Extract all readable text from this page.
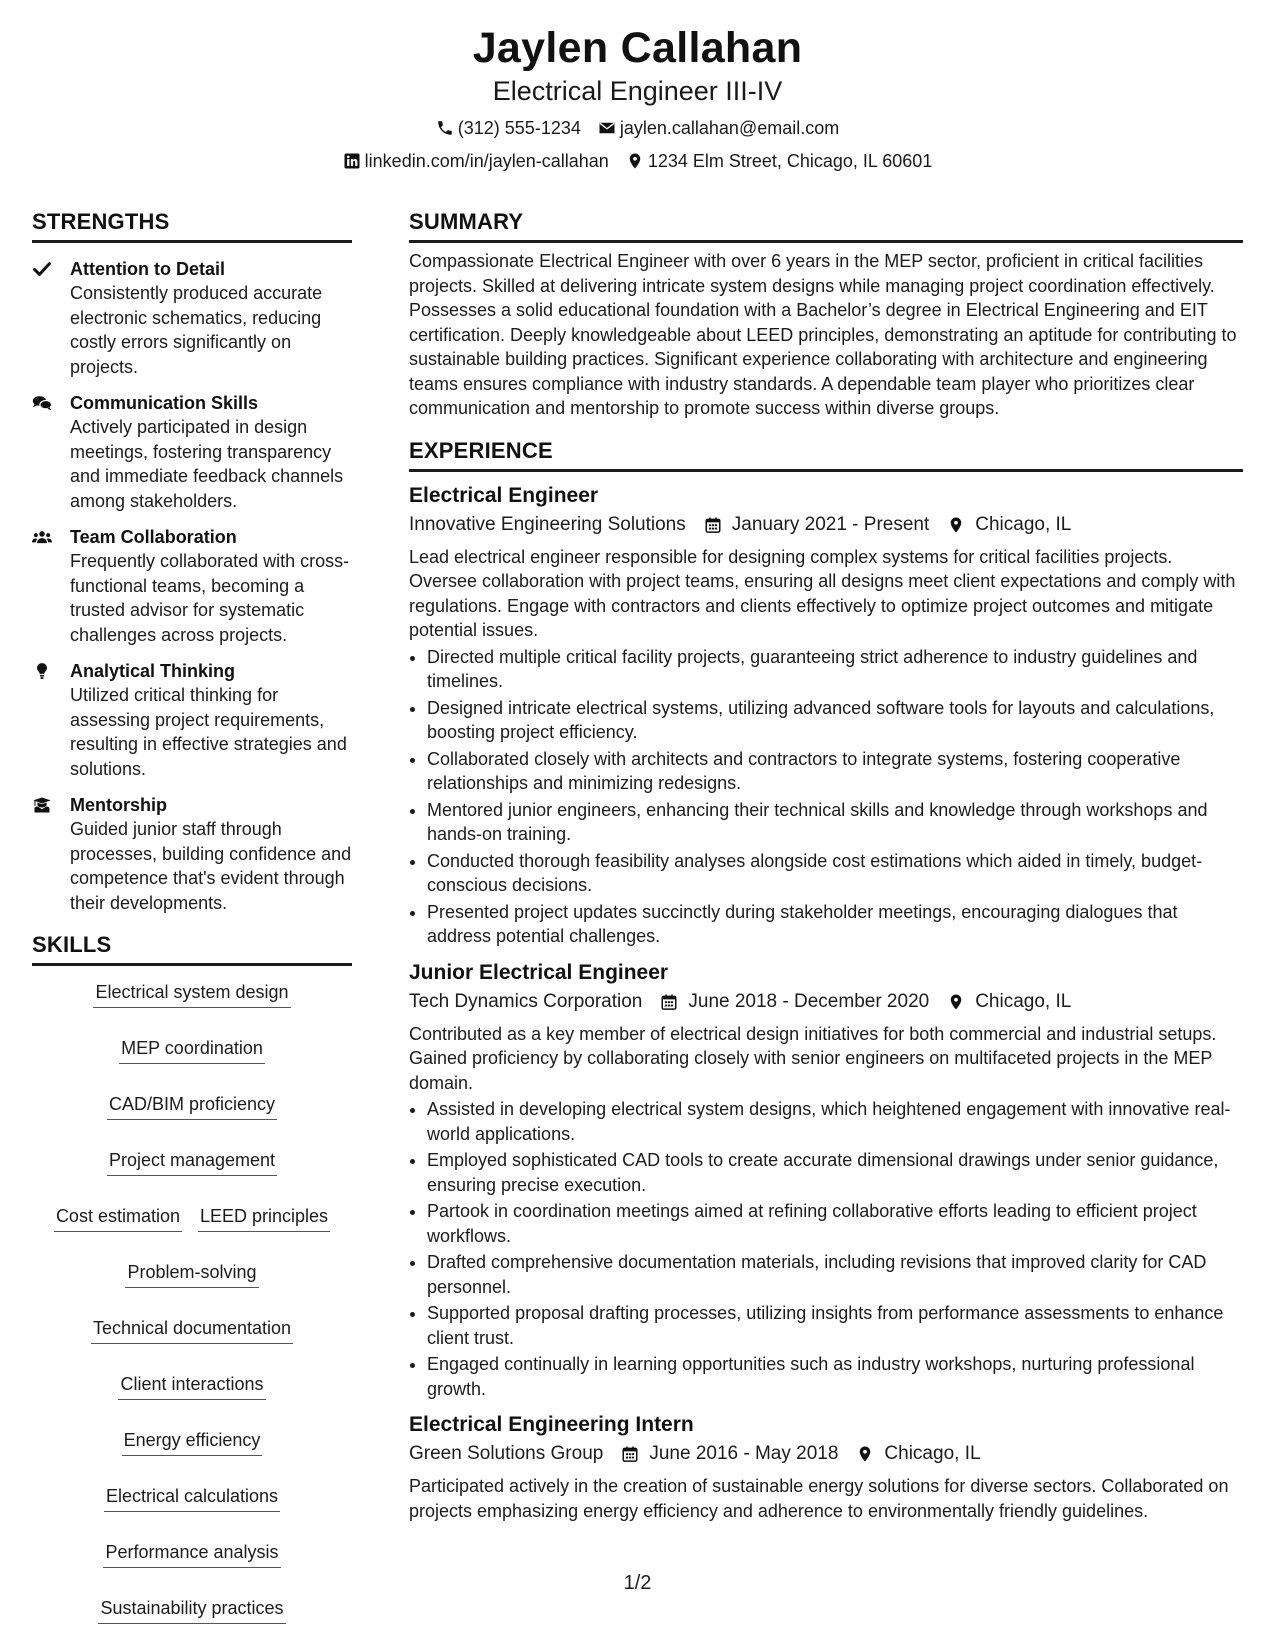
Jaylen Callahan
Electrical Engineer III-IV
(312) 555-1234 jaylen.callahan@email.com
linkedin.com/in/jaylen-callahan 1234 Elm Street, Chicago, IL 60601
STRENGTHS
Attention to Detail
Consistently produced accurate electronic schematics, reducing costly errors significantly on projects.
Communication Skills
Actively participated in design meetings, fostering transparency and immediate feedback channels among stakeholders.
Team Collaboration
Frequently collaborated with cross-functional teams, becoming a trusted advisor for systematic challenges across projects.
Analytical Thinking
Utilized critical thinking for assessing project requirements, resulting in effective strategies and solutions.
Mentorship
Guided junior staff through processes, building confidence and competence that's evident through their developments.
SKILLS
Electrical system design
MEP coordination
CAD/BIM proficiency
Project management
Cost estimation LEED principles
Problem-solving
Technical documentation
Client interactions
Energy efficiency
Electrical calculations
Performance analysis
Sustainability practices
SUMMARY
Compassionate Electrical Engineer with over 6 years in the MEP sector, proficient in critical facilities projects. Skilled at delivering intricate system designs while managing project coordination effectively. Possesses a solid educational foundation with a Bachelor’s degree in Electrical Engineering and EIT certification. Deeply knowledgeable about LEED principles, demonstrating an aptitude for contributing to sustainable building practices. Significant experience collaborating with architecture and engineering teams ensures compliance with industry standards. A dependable team player who prioritizes clear communication and mentorship to promote success within diverse groups.
EXPERIENCE
Electrical Engineer
Innovative Engineering Solutions January 2021 - Present Chicago, IL
Lead electrical engineer responsible for designing complex systems for critical facilities projects. Oversee collaboration with project teams, ensuring all designs meet client expectations and comply with regulations. Engage with contractors and clients effectively to optimize project outcomes and mitigate potential issues.
• Directed multiple critical facility projects, guaranteeing strict adherence to industry guidelines and timelines.
• Designed intricate electrical systems, utilizing advanced software tools for layouts and calculations, boosting project efficiency.
• Collaborated closely with architects and contractors to integrate systems, fostering cooperative relationships and minimizing redesigns.
• Mentored junior engineers, enhancing their technical skills and knowledge through workshops and hands-on training.
• Conducted thorough feasibility analyses alongside cost estimations which aided in timely, budget-conscious decisions.
• Presented project updates succinctly during stakeholder meetings, encouraging dialogues that address potential challenges.
Junior Electrical Engineer
Tech Dynamics Corporation June 2018 - December 2020 Chicago, IL
Contributed as a key member of electrical design initiatives for both commercial and industrial setups. Gained proficiency by collaborating closely with senior engineers on multifaceted projects in the MEP domain.
• Assisted in developing electrical system designs, which heightened engagement with innovative real-world applications.
• Employed sophisticated CAD tools to create accurate dimensional drawings under senior guidance, ensuring precise execution.
• Partook in coordination meetings aimed at refining collaborative efforts leading to efficient project workflows.
• Drafted comprehensive documentation materials, including revisions that improved clarity for CAD personnel.
• Supported proposal drafting processes, utilizing insights from performance assessments to enhance client trust.
• Engaged continually in learning opportunities such as industry workshops, nurturing professional growth.
Electrical Engineering Intern
Green Solutions Group June 2016 - May 2018 Chicago, IL
Participated actively in the creation of sustainable energy solutions for diverse sectors. Collaborated on projects emphasizing energy efficiency and adherence to environmentally friendly guidelines.
1/2
